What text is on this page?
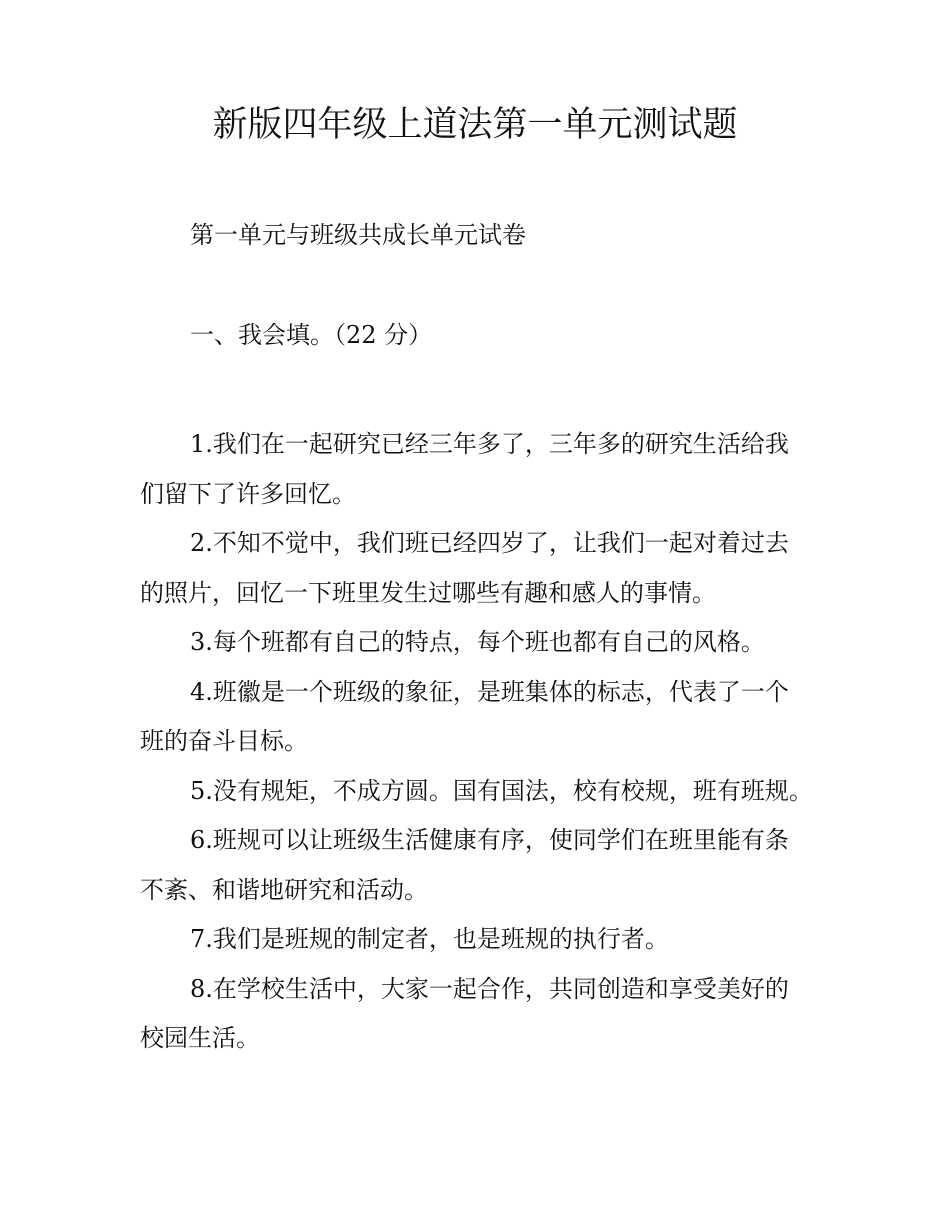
新版四年级上道法第一单元测试题
第一单元与班级共成长单元试卷
一、我会填。（22 分）

1.我们在一起研究已经三年多了，三年多的研究生活给我

们留下了许多回忆。

2.不知不觉中，我们班已经四岁了，让我们一起对着过去

的照片，回忆一下班里发生过哪些有趣和感人的事情。

3.每个班都有自己的特点，每个班也都有自己的风格。

4.班徽是一个班级的象征，是班集体的标志，代表了一个

班的奋斗目标。

5.没有规矩，不成方圆。国有国法，校有校规，班有班规。

6.班规可以让班级生活健康有序，使同学们在班里能有条

不紊、和谐地研究和活动。

7.我们是班规的制定者，也是班规的执行者。

8.在学校生活中，大家一起合作，共同创造和享受美好的

校园生活。
